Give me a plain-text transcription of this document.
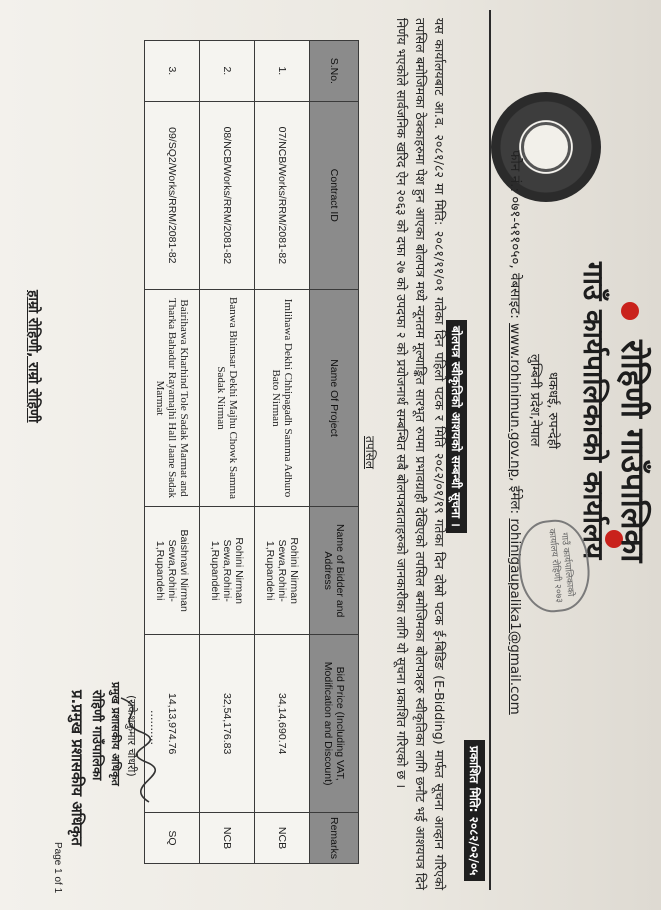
रोहिणी गाउँपालिका
गाउँ कार्यपालिकाको कार्यालय
धकधई, रुपन्देही
लुम्बिनी प्रदेश,नेपाल
फोन नं.: ०७१-५११०५०, वेबसाइट: www.rohinimun.gov.np, ईमेल: rohinigaupalika1@gmail.com	गाउँ कार्यपालिकाको कार्यालय रोहिणी २०७३
प्रकाशित मिति: २०८२/०२/०५
बोलपत्र स्वीकृतिको आशयको सम्बन्धी सूचना ।
यस कार्यालयबाट आ.व. २०८१/८२ मा मिति: २०८१/११/०१ गतेका दिन पहिलो पटक र मिति २०८२/०१/१९ गतेका दिन दोस्रो पटक ई-बिडिङ (E-Bidding) मार्फत सूचना आव्हान गरिएको तपसिल बमोजिमका ठेक्काहरुमा पेश हुन आएका बोलपत्र मध्ये न्यूनतम मूल्याङ्कित सारभूत रुपमा प्रभावग्राही देखिएको तपसिल बमोजिमका बोलपत्रहरु स्वीकृतिका लागि छनौट भई आशयपत्र दिने निर्णय भएकोले सार्वजनिक खरिद ऐन २०६३ को दफा २७ को उपदफा २ को प्रयोजनार्थ सम्बन्धित सबै बोलपत्रदाताहरुको जानकारीका लागि यो सूचना प्रकाशित गरिएको छ ।
तपसिल
S.No.	Contract ID	Name Of Project	Name of Bidder and Address	Bid Price (Including VAT, Modification and Discount)	Remarks
1.	07/NCB/Works/RRM/2081-82	Imlihawa Dekhi Chhipagadh Samma Adhuro Bato Nirman	Rohini Nirman Sewa,Rohini-1,Rupandehi	34,14,690.74	NCB
2.	08/NCB/Works/RRM/2081-82	Banwa Bhimsar Dekhi Majhu Chowk Samma Sadak Nirman	Rohini Nirman Sewa,Rohini-1,Rupandehi	32,54,176.83	NCB
3.	09/SQ2/Works/RRM/2081-82	Bairihawa Kharhind Tole Sadak Marmat and Tharka Bahadur Rayamajhi Hall Jaane Sadak Marmat	Baishnavi Nirman Sewa,Rohini-1,Rupandehi	14,13,974.76	SQ
Page 1 of 1
हाम्रो रोहिणी, राम्रो रोहिणी
..........
(राकेशकुमार चौधरी)
प्रमुख प्रशासकीय अधिकृत
रोहिणी गाउँपालिका
प्र.प्रमुख प्रशासकीय अधिकृत
